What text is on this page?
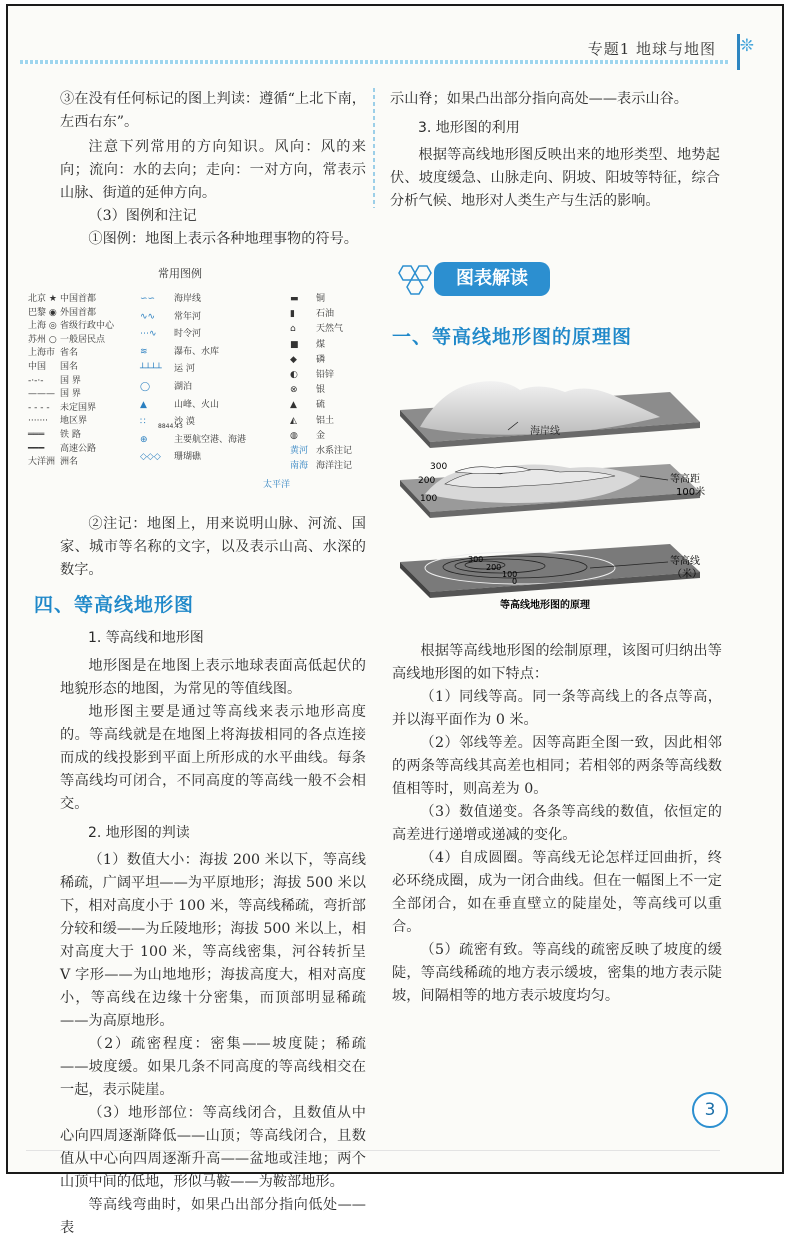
专题1 地球与地图 ❊

③在没有任何标记的图上判读：遵循“上北下南，左西右东”。

注意下列常用的方向知识。风向：风的来向；流向：水的去向；走向：一对方向，常表示山脉、街道的延伸方向。

（3）图例和注记

①图例：地图上表示各种地理事物的符号。

常用图例
北京 ★ 中国首都
巴黎 ◉ 外国首都
上海 ◎ 省级行政中心
苏州 ○ 一般居民点
上海市 省名
中国 国名
-·-·- 国 界
——— 国 界
- - - - 未定国界
······· 地区界
═══ 铁 路
━━━ 高速公路
大洋洲 洲名
∽∽ 海岸线
∿∿ 常年河
⋯∿ 时令河
≋	瀑布、水库
┴┴┴┴ 运 河
◯	湖泊
▲	山峰、火山
∷	沙 漠
⊕	主要航空港、海港
◇◇◇ 珊瑚礁
▬ 铜
▮ 石油
⌂ 天然气
■ 煤
◆ 磷
◐ 铅锌
⊗ 银
▲ 硫
◭ 铝土
◍ 金
黄河 水系注记
南海 海洋注记
8844.43
太平洋

②注记：地图上，用来说明山脉、河流、国家、城市等名称的文字，以及表示山高、水深的数字。

四、等高线地形图

1. 等高线和地形图

地形图是在地图上表示地球表面高低起伏的地貌形态的地图，为常见的等值线图。

地形图主要是通过等高线来表示地形高度的。等高线就是在地图上将海拔相同的各点连接而成的线投影到平面上所形成的水平曲线。每条等高线均可闭合，不同高度的等高线一般不会相交。

2. 地形图的判读

（1）数值大小：海拔 200 米以下，等高线稀疏，广阔平坦——为平原地形；海拔 500 米以下，相对高度小于 100 米，等高线稀疏，弯折部分较和缓——为丘陵地形；海拔 500 米以上，相对高度大于 100 米，等高线密集，河谷转折呈 V 字形——为山地地形；海拔高度大，相对高度小，等高线在边缘十分密集，而顶部明显稀疏——为高原地形。

（2）疏密程度：密集——坡度陡；稀疏——坡度缓。如果几条不同高度的等高线相交在一起，表示陡崖。

（3）地形部位：等高线闭合，且数值从中心向四周逐渐降低——山顶；等高线闭合，且数值从中心向四周逐渐升高——盆地或洼地；两个山顶中间的低地，形似马鞍——为鞍部地形。

等高线弯曲时，如果凸出部分指向低处——表

示山脊；如果凸出部分指向高处——表示山谷。

3. 地形图的利用

根据等高线地形图反映出来的地形类型、地势起伏、坡度缓急、山脉走向、阴坡、阳坡等特征，综合分析气候、地形对人类生产与生活的影响。

图表解读

一、等高线地形图的原理图

海岸线
300
200
100
等高距
100米
300
200
100
0
等高线
（米）
等高线地形图的原理

根据等高线地形图的绘制原理，该图可归纳出等高线地形图的如下特点：

（1）同线等高。同一条等高线上的各点等高，并以海平面作为 0 米。

（2）邻线等差。因等高距全图一致，因此相邻的两条等高线其高差也相同；若相邻的两条等高线数值相等时，则高差为 0。

（3）数值递变。各条等高线的数值，依恒定的高差进行递增或递减的变化。

（4）自成圆圈。等高线无论怎样迂回曲折，终必环绕成圈，成为一闭合曲线。但在一幅图上不一定全部闭合，如在垂直壁立的陡崖处，等高线可以重合。

（5）疏密有致。等高线的疏密反映了坡度的缓陡，等高线稀疏的地方表示缓坡，密集的地方表示陡坡，间隔相等的地方表示坡度均匀。

3
